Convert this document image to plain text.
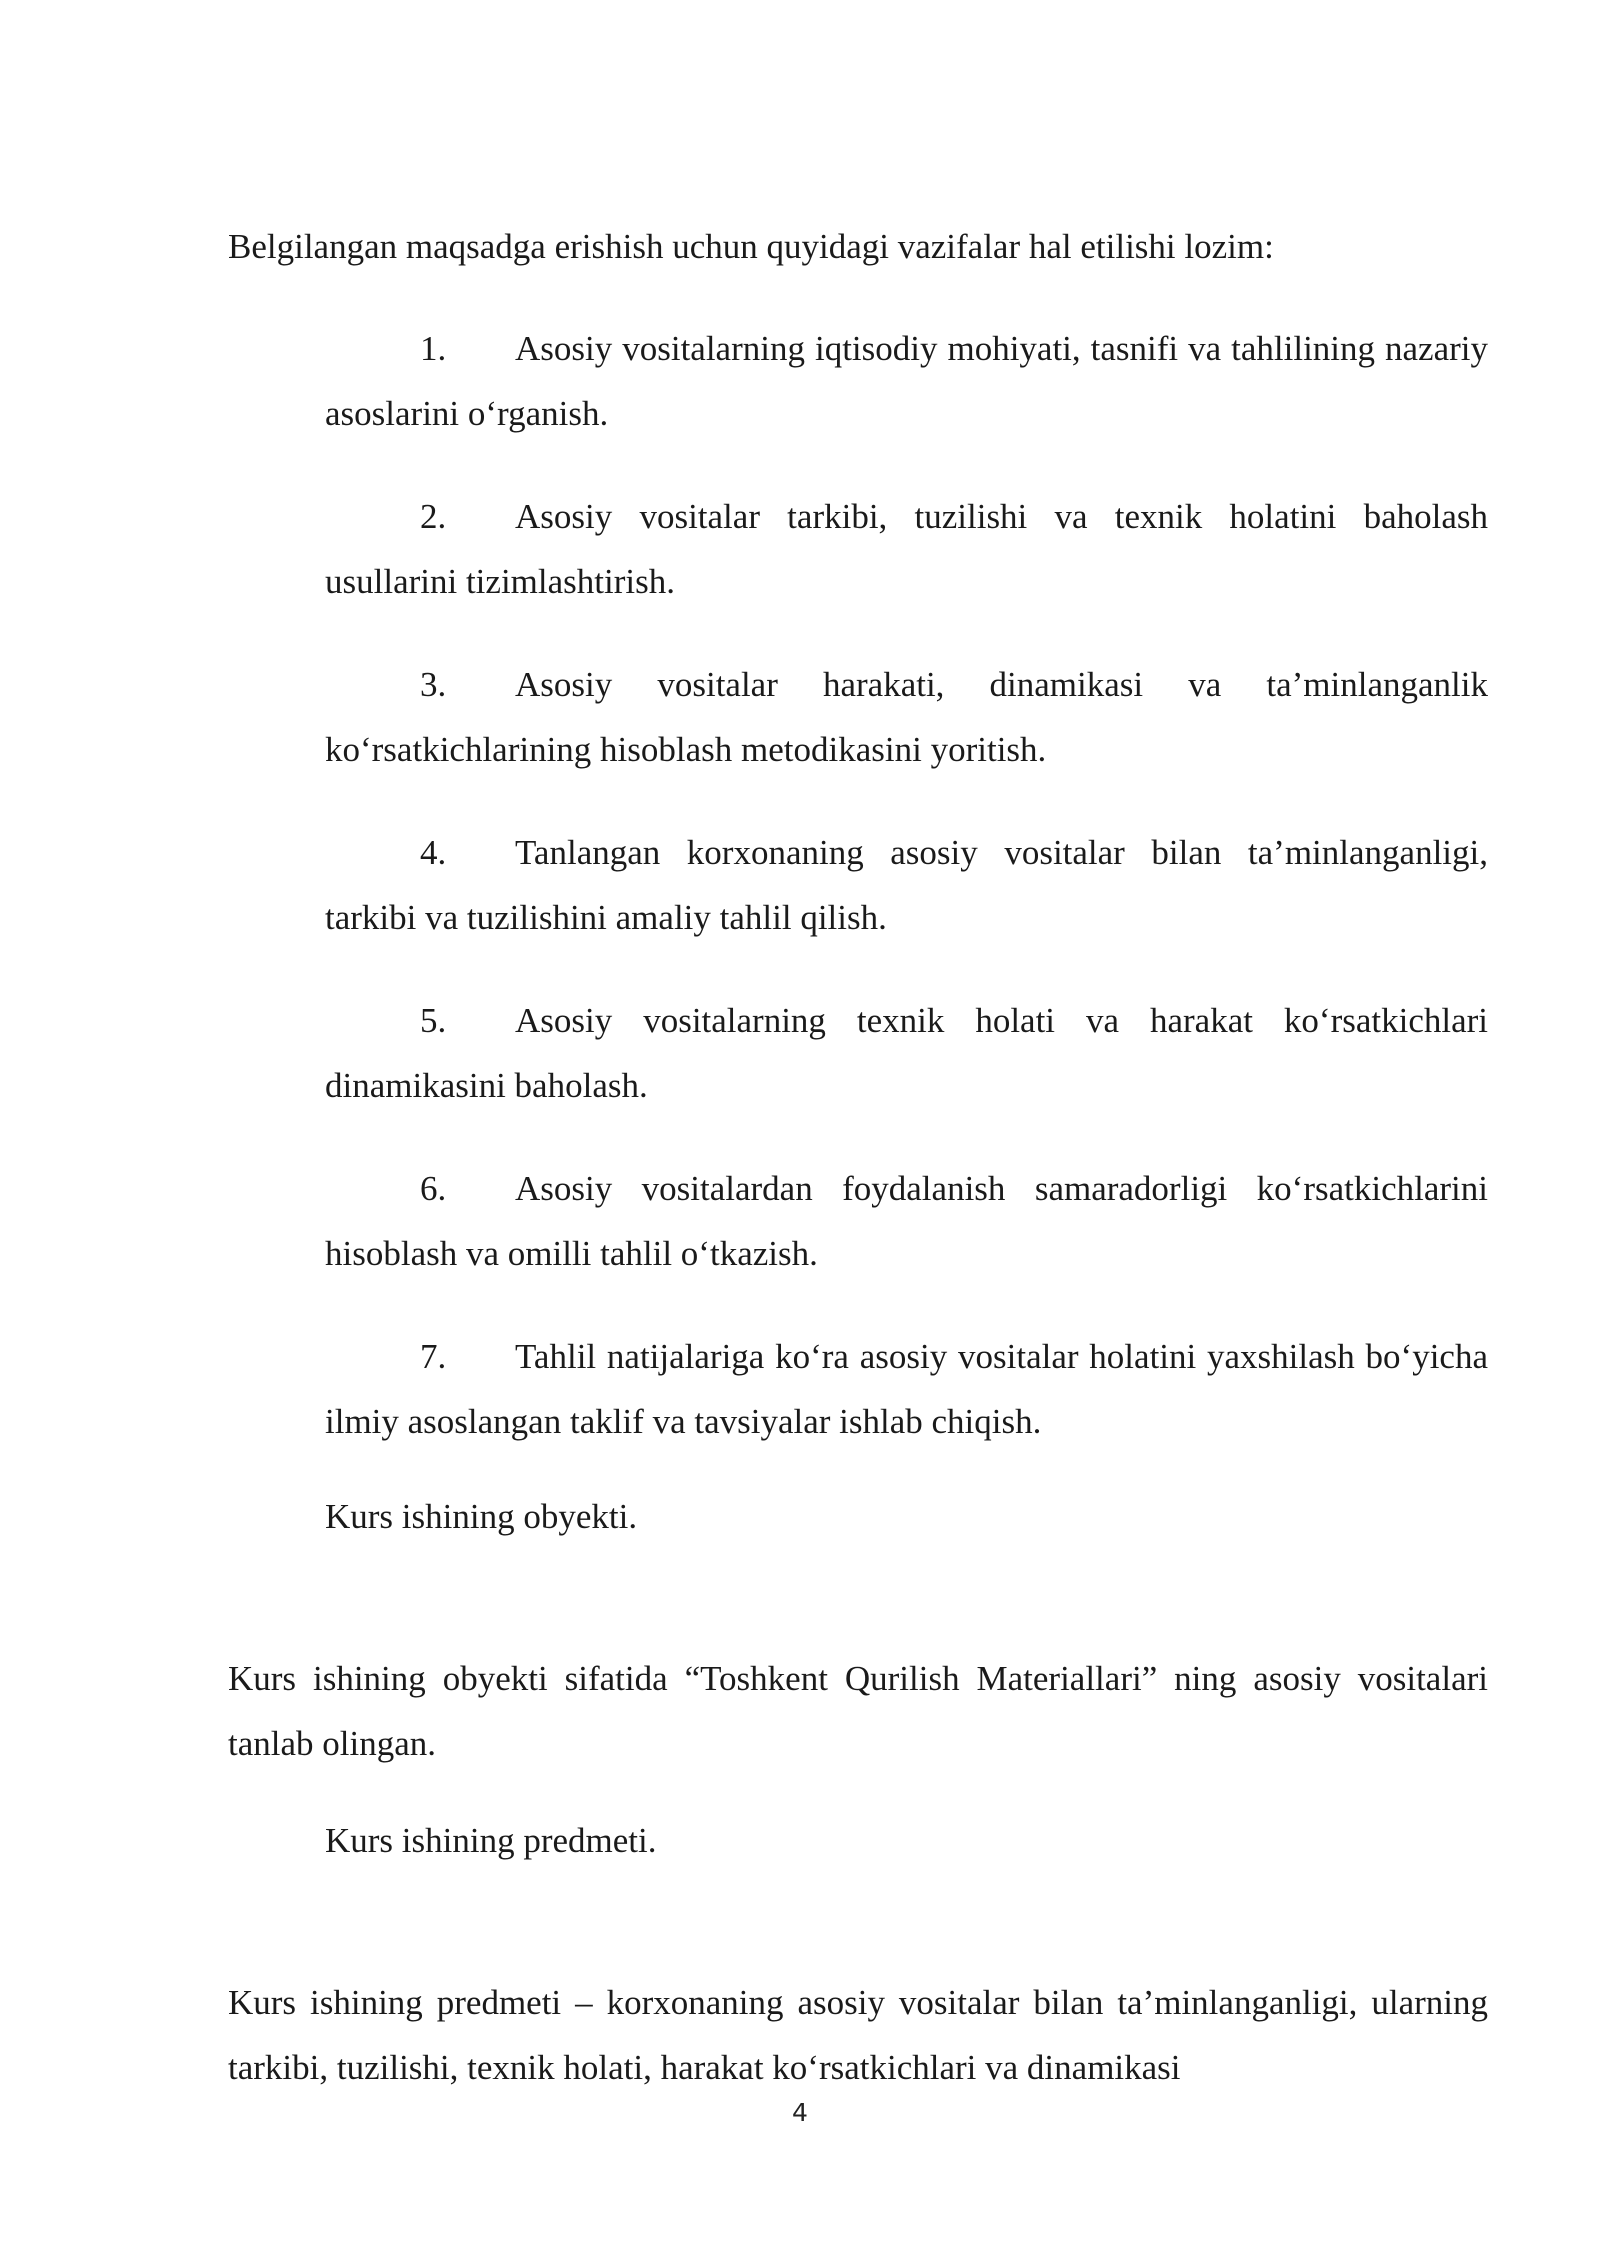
Belgilangan maqsadga erishish uchun quyidagi vazifalar hal etilishi lozim:

1. Asosiy vositalarning iqtisodiy mohiyati, tasnifi va tahlilining nazariy asoslarini o‘rganish.
2. Asosiy vositalar tarkibi, tuzilishi va texnik holatini baholash usullarini tizimlashtirish.
3. Asosiy vositalar harakati, dinamikasi va ta’minlanganlik ko‘rsatkichlarining hisoblash metodikasini yoritish.
4. Tanlangan korxonaning asosiy vositalar bilan ta’minlanganligi, tarkibi va tuzilishini amaliy tahlil qilish.
5. Asosiy vositalarning texnik holati va harakat ko‘rsatkichlari dinamikasini baholash.
6. Asosiy vositalardan foydalanish samaradorligi ko‘rsatkichlarini hisoblash va omilli tahlil o‘tkazish.
7. Tahlil natijalariga ko‘ra asosiy vositalar holatini yaxshilash bo‘yicha ilmiy asoslangan taklif va tavsiyalar ishlab chiqish.

Kurs ishining obyekti.

Kurs ishining obyekti sifatida “Toshkent Qurilish Materiallari” ning asosiy vositalari tanlab olingan.

Kurs ishining predmeti.

Kurs ishining predmeti – korxonaning asosiy vositalar bilan ta’minlanganligi, ularning tarkibi, tuzilishi, texnik holati, harakat ko‘rsatkichlari va dinamikasi

4
